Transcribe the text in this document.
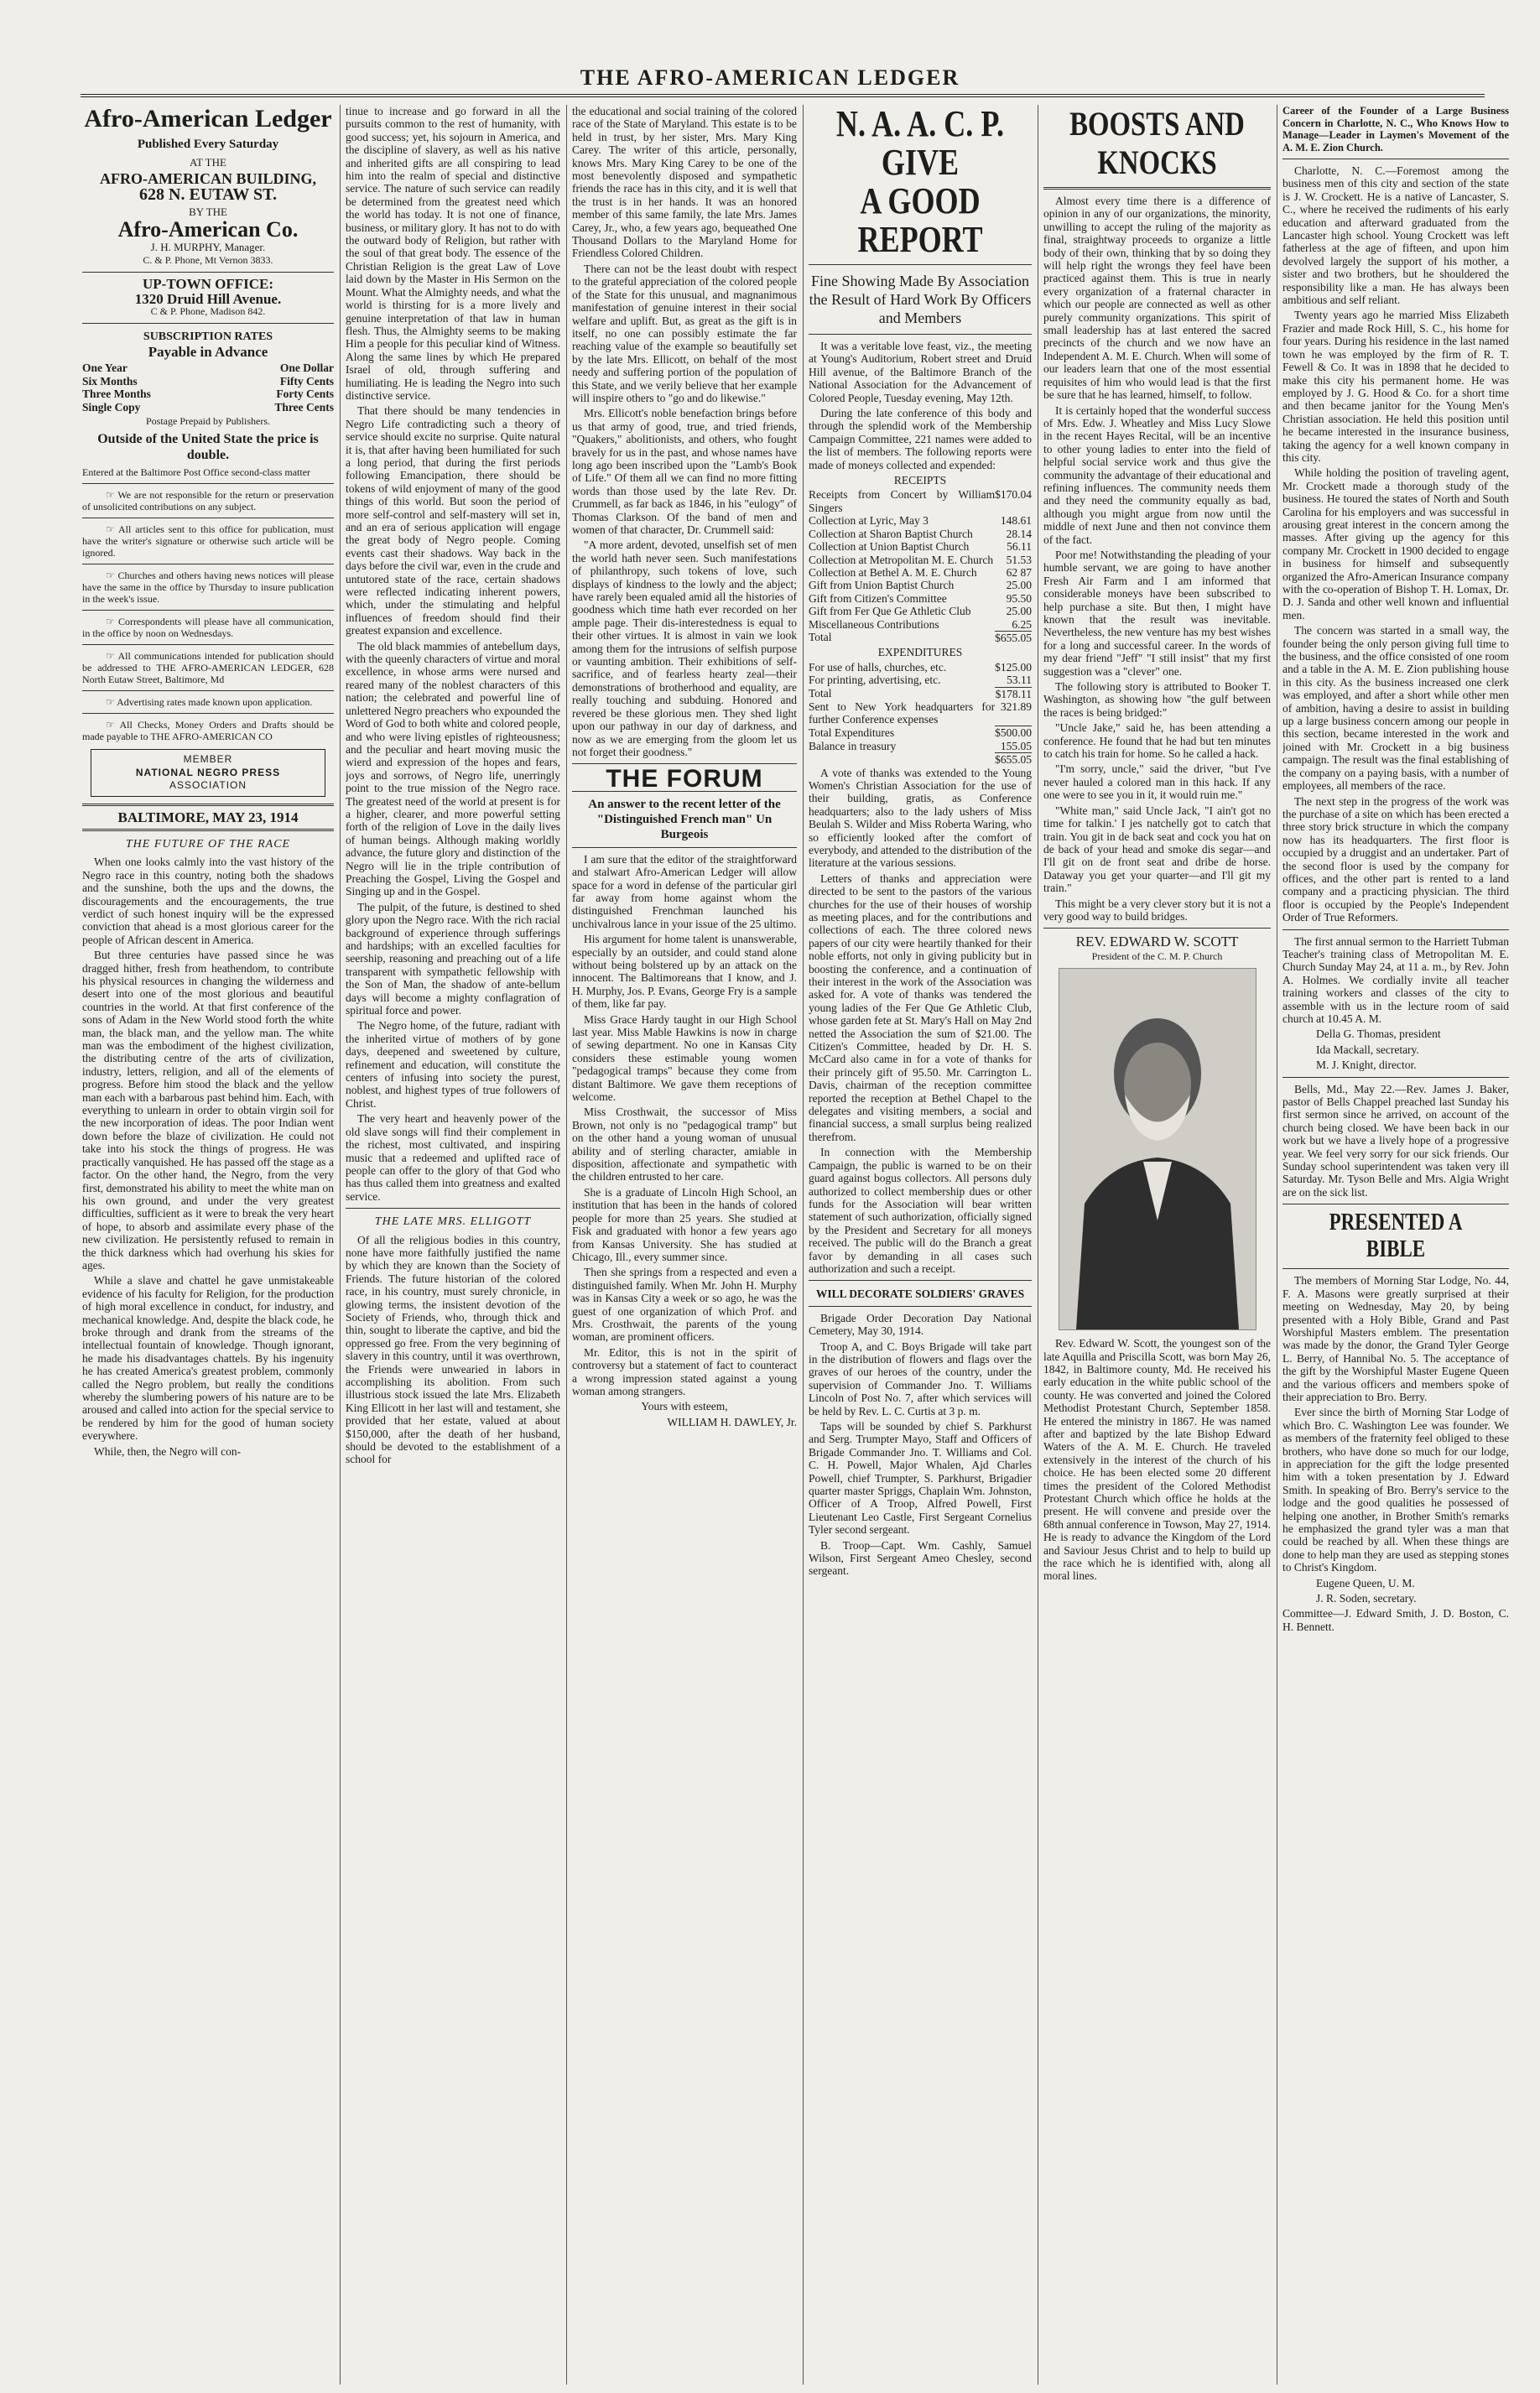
THE AFRO-AMERICAN LEDGER
Afro-American Ledger
Published Every Saturday
AT THE
AFRO-AMERICAN BUILDING,
628 N. EUTAW ST.
BY THE
Afro-American Co.
J. H. MURPHY, Manager.
C. & P. Phone, Mt Vernon 3833.
UP-TOWN OFFICE:
1320 Druid Hill Avenue.
C & P. Phone, Madison 842.
SUBSCRIPTION RATES
Payable in Advance
One Year	One Dollar
Six Months	Fifty Cents
Three Months	Forty Cents
Single Copy	Three Cents
Postage Prepaid by Publishers.
Outside of the United State the price is double.

Entered at the Baltimore Post Office second-class matter

☞ We are not responsible for the return or preservation of unsolicited contributions on any subject.

☞ All articles sent to this office for publication, must have the writer's signature or otherwise such article will be ignored.

☞ Churches and others having news notices will please have the same in the office by Thursday to insure publication in the week's issue.

☞ Correspondents will please have all communication, in the office by noon on Wednesdays.

☞ All communications intended for publication should be addressed to THE AFRO-AMERICAN LEDGER, 628 North Eutaw Street, Baltimore, Md

☞ Advertising rates made known upon application.

☞ All Checks, Money Orders and Drafts should be made payable to THE AFRO-AMERICAN CO

MEMBER
NATIONAL NEGRO PRESS
ASSOCIATION
BALTIMORE, MAY 23, 1914
THE FUTURE OF THE RACE

When one looks calmly into the vast history of the Negro race in this country, noting both the shadows and the sunshine, both the ups and the downs, the discouragements and the encouragements, the true verdict of such honest inquiry will be the expressed conviction that ahead is a most glorious career for the people of African descent in America.

But three centuries have passed since he was dragged hither, fresh from heathendom, to contribute his physical resources in changing the wilderness and desert into one of the most glorious and beautiful countries in the world. At that first conference of the sons of Adam in the New World stood forth the white man, the black man, and the yellow man. The white man was the embodiment of the highest civilization, the distributing centre of the arts of civilization, industry, letters, religion, and all of the elements of progress. Before him stood the black and the yellow man each with a barbarous past behind him. Each, with everything to unlearn in order to obtain virgin soil for the new incorporation of ideas. The poor Indian went down before the blaze of civilization. He could not take into his stock the things of progress. He was practically vanquished. He has passed off the stage as a factor. On the other hand, the Negro, from the very first, demonstrated his ability to meet the white man on his own ground, and under the very greatest difficulties, sufficient as it were to break the very heart of hope, to absorb and assimilate every phase of the new civilization. He persistently refused to remain in the thick darkness which had overhung his skies for ages.

While a slave and chattel he gave unmistakeable evidence of his faculty for Religion, for the production of high moral excellence in conduct, for industry, and mechanical knowledge. And, despite the black code, he broke through and drank from the streams of the intellectual fountain of knowledge. Though ignorant, he made his disadvantages chattels. By his ingenuity he has created America's greatest problem, commonly called the Negro problem, but really the conditions whereby the slumbering powers of his nature are to be aroused and called into action for the special service to be rendered by him for the good of human society everywhere.

While, then, the Negro will con-

tinue to increase and go forward in all the pursuits common to the rest of humanity, with good success; yet, his sojourn in America, and the discipline of slavery, as well as his native and inherited gifts are all conspiring to lead him into the realm of special and distinctive service. The nature of such service can readily be determined from the greatest need which the world has today. It is not one of finance, business, or military glory. It has not to do with the outward body of Religion, but rather with the soul of that great body. The essence of the Christian Religion is the great Law of Love laid down by the Master in His Sermon on the Mount. What the Almighty needs, and what the world is thirsting for is a more lively and genuine interpretation of that law in human flesh. Thus, the Almighty seems to be making Him a people for this peculiar kind of Witness. Along the same lines by which He prepared Israel of old, through suffering and humiliating. He is leading the Negro into such distinctive service.

That there should be many tendencies in Negro Life contradicting such a theory of service should excite no surprise. Quite natural it is, that after having been humiliated for such a long period, that during the first periods following Emancipation, there should be tokens of wild enjoyment of many of the good things of this world. But soon the period of more self-control and self-mastery will set in, and an era of serious application will engage the great body of Negro people. Coming events cast their shadows. Way back in the days before the civil war, even in the crude and untutored state of the race, certain shadows were reflected indicating inherent powers, which, under the stimulating and helpful influences of freedom should find their greatest expansion and excellence.

The old black mammies of antebellum days, with the queenly characters of virtue and moral excellence, in whose arms were nursed and reared many of the noblest characters of this nation; the celebrated and powerful line of unlettered Negro preachers who expounded the Word of God to both white and colored people, and who were living epistles of righteousness; and the peculiar and heart moving music the wierd and expression of the hopes and fears, joys and sorrows, of Negro life, unerringly point to the true mission of the Negro race. The greatest need of the world at present is for a higher, clearer, and more powerful setting forth of the religion of Love in the daily lives of human beings. Although making worldly advance, the future glory and distinction of the Negro will lie in the triple contribution of Preaching the Gospel, Living the Gospel and Singing up and in the Gospel.

The pulpit, of the future, is destined to shed glory upon the Negro race. With the rich racial background of experience through sufferings and hardships; with an excelled faculties for seership, reasoning and preaching out of a life transparent with sympathetic fellowship with the Son of Man, the shadow of ante-bellum days will become a mighty conflagration of spiritual force and power.

The Negro home, of the future, radiant with the inherited virtue of mothers of by gone days, deepened and sweetened by culture, refinement and education, will constitute the centers of infusing into society the purest, noblest, and highest types of true followers of Christ.

The very heart and heavenly power of the old slave songs will find their complement in the richest, most cultivated, and inspiring music that a redeemed and uplifted race of people can offer to the glory of that God who has thus called them into greatness and exalted service.

THE LATE MRS. ELLIGOTT

Of all the religious bodies in this country, none have more faithfully justified the name by which they are known than the Society of Friends. The future historian of the colored race, in his country, must surely chronicle, in glowing terms, the insistent devotion of the Society of Friends, who, through thick and thin, sought to liberate the captive, and bid the oppressed go free. From the very beginning of slavery in this country, until it was overthrown, the Friends were unwearied in labors in accomplishing its abolition. From such illustrious stock issued the late Mrs. Elizabeth King Ellicott in her last will and testament, she provided that her estate, valued at about $150,000, after the death of her husband, should be devoted to the establishment of a school for

the educational and social training of the colored race of the State of Maryland. This estate is to be held in trust, by her sister, Mrs. Mary King Carey. The writer of this article, personally, knows Mrs. Mary King Carey to be one of the most benevolently disposed and sympathetic friends the race has in this city, and it is well that the trust is in her hands. It was an honored member of this same family, the late Mrs. James Carey, Jr., who, a few years ago, bequeathed One Thousand Dollars to the Maryland Home for Friendless Colored Children.

There can not be the least doubt with respect to the grateful appreciation of the colored people of the State for this unusual, and magnanimous manifestation of genuine interest in their social welfare and uplift. But, as great as the gift is in itself, no one can possibly estimate the far reaching value of the example so beautifully set by the late Mrs. Ellicott, on behalf of the most needy and suffering portion of the population of this State, and we verily believe that her example will inspire others to "go and do likewise."

Mrs. Ellicott's noble benefaction brings before us that army of good, true, and tried friends, "Quakers," abolitionists, and others, who fought bravely for us in the past, and whose names have long ago been inscribed upon the "Lamb's Book of Life." Of them all we can find no more fitting words than those used by the late Rev. Dr. Crummell, as far back as 1846, in his "eulogy" of Thomas Clarkson. Of the band of men and women of that character, Dr. Crummell said:

"A more ardent, devoted, unselfish set of men the world hath never seen. Such manifestations of philanthropy, such tokens of love, such displays of kindness to the lowly and the abject; have rarely been equaled amid all the histories of goodness which time hath ever recorded on her ample page. Their dis-interestedness is equal to their other virtues. It is almost in vain we look among them for the intrusions of selfish purpose or vaunting ambition. Their exhibitions of self-sacrifice, and of fearless hearty zeal—their demonstrations of brotherhood and equality, are really touching and subduing. Honored and revered be these glorious men. They shed light upon our pathway in our day of darkness, and now as we are emerging from the gloom let us not forget their goodness."

THE FORUM

An answer to the recent letter of the "Distinguished French man" Un Burgeois

I am sure that the editor of the straightforward and stalwart Afro-American Ledger will allow space for a word in defense of the particular girl far away from home against whom the distinguished Frenchman launched his unchivalrous lance in your issue of the 25 ultimo.

His argument for home talent is unanswerable, especially by an outsider, and could stand alone without being bolstered up by an attack on the innocent. The Baltimoreans that I know, and J. H. Murphy, Jos. P. Evans, George Fry is a sample of them, like far pay.

Miss Grace Hardy taught in our High School last year. Miss Mable Hawkins is now in charge of sewing department. No one in Kansas City considers these estimable young women "pedagogical tramps" because they come from distant Baltimore. We gave them receptions of welcome.

Miss Crosthwait, the successor of Miss Brown, not only is no "pedagogical tramp" but on the other hand a young woman of unusual ability and of sterling character, amiable in disposition, affectionate and sympathetic with the children entrusted to her care.

She is a graduate of Lincoln High School, an institution that has been in the hands of colored people for more than 25 years. She studied at Fisk and graduated with honor a few years ago from Kansas University. She has studied at Chicago, Ill., every summer since.

Then she springs from a respected and even a distinguished family. When Mr. John H. Murphy was in Kansas City a week or so ago, he was the guest of one organization of which Prof. and Mrs. Crosthwait, the parents of the young woman, are prominent officers.

Mr. Editor, this is not in the spirit of controversy but a statement of fact to counteract a wrong impression stated against a young woman among strangers.

Yours with esteem,

WILLIAM H. DAWLEY, Jr.

N. A. A. C. P. GIVE
A GOOD REPORT
Fine Showing Made By Association the Result of Hard Work By Officers and Members

It was a veritable love feast, viz., the meeting at Young's Auditorium, Robert street and Druid Hill avenue, of the Baltimore Branch of the National Association for the Advancement of Colored People, Tuesday evening, May 12th.

During the late conference of this body and through the splendid work of the Membership Campaign Committee, 221 names were added to the list of members. The following reports were made of moneys collected and expended:

RECEIPTS
Receipts from Concert by William Singers	$170.04
Collection at Lyric, May 3	148.61
Collection at Sharon Baptist Church	28.14
Collection at Union Baptist Church	56.11
Collection at Metropolitan M. E. Church	51.53
Collection at Bethel A. M. E. Church	62 87
Gift from Union Baptist Church	25.00
Gift from Citizen's Committee	95.50
Gift from Fer Que Ge Athletic Club	25.00
Miscellaneous Contributions	6.25
Total	$655.05
EXPENDITURES
For use of halls, churches, etc.	$125.00
For printing, advertising, etc.	53.11
Total	$178.11
Sent to New York headquarters for further Conference expenses	321.89
Total Expenditures	$500.00
Balance in treasury	155.05
	$655.05

A vote of thanks was extended to the Young Women's Christian Association for the use of their building, gratis, as Conference headquarters; also to the lady ushers of Miss Beulah S. Wilder and Miss Roberta Waring, who so efficiently looked after the comfort of everybody, and attended to the distribution of the literature at the various sessions.

Letters of thanks and appreciation were directed to be sent to the pastors of the various churches for the use of their houses of worship as meeting places, and for the contributions and collections of each. The three colored news papers of our city were heartily thanked for their noble efforts, not only in giving publicity but in boosting the conference, and a continuation of their interest in the work of the Association was asked for. A vote of thanks was tendered the young ladies of the Fer Que Ge Athletic Club, whose garden fete at St. Mary's Hall on May 2nd netted the Association the sum of $21.00. The Citizen's Committee, headed by Dr. H. S. McCard also came in for a vote of thanks for their princely gift of 95.50. Mr. Carrington L. Davis, chairman of the reception committee reported the reception at Bethel Chapel to the delegates and visiting members, a social and financial success, a small surplus being realized therefrom.

In connection with the Membership Campaign, the public is warned to be on their guard against bogus collectors. All persons duly authorized to collect membership dues or other funds for the Association will bear written statement of such authorization, officially signed by the President and Secretary for all moneys received. The public will do the Branch a great favor by demanding in all cases such authorization and such a receipt.

WILL DECORATE SOLDIERS' GRAVES

Brigade Order Decoration Day National Cemetery, May 30, 1914.

Troop A, and C. Boys Brigade will take part in the distribution of flowers and flags over the graves of our heroes of the country, under the supervision of Commander Jno. T. Williams Lincoln of Post No. 7, after which services will be held by Rev. L. C. Curtis at 3 p. m.

Taps will be sounded by chief S. Parkhurst and Serg. Trumpter Mayo, Staff and Officers of Brigade Commander Jno. T. Williams and Col. C. H. Powell, Major Whalen, Ajd Charles Powell, chief Trumpter, S. Parkhurst, Brigadier quarter master Spriggs, Chaplain Wm. Johnston, Officer of A Troop, Alfred Powell, First Lieutenant Leo Castle, First Sergeant Cornelius Tyler second sergeant.

B. Troop—Capt. Wm. Cashly, Samuel Wilson, First Sergeant Ameo Chesley, second sergeant.

BOOSTS AND KNOCKS

Almost every time there is a difference of opinion in any of our organizations, the minority, unwilling to accept the ruling of the majority as final, straightway proceeds to organize a little body of their own, thinking that by so doing they will help right the wrongs they feel have been practiced against them. This is true in nearly every organization of a fraternal character in which our people are connected as well as other purely community organizations. This spirit of small leadership has at last entered the sacred precincts of the church and we now have an Independent A. M. E. Church. When will some of our leaders learn that one of the most essential requisites of him who would lead is that the first be sure that he has learned, himself, to follow.

It is certainly hoped that the wonderful success of Mrs. Edw. J. Wheatley and Miss Lucy Slowe in the recent Hayes Recital, will be an incentive to other young ladies to enter into the field of helpful social service work and thus give the community the advantage of their educational and refining influences. The community needs them and they need the community equally as bad, although you might argue from now until the middle of next June and then not convince them of the fact.

Poor me! Notwithstanding the pleading of your humble servant, we are going to have another Fresh Air Farm and I am informed that considerable moneys have been subscribed to help purchase a site. But then, I might have known that the result was inevitable. Nevertheless, the new venture has my best wishes for a long and successful career. In the words of my dear friend "Jeff" "I still insist" that my first suggestion was a "clever" one.

The following story is attributed to Booker T. Washington, as showing how "the gulf between the races is being bridged:"

"Uncle Jake," said he, has been attending a conference. He found that he had but ten minutes to catch his train for home. So he called a hack.

"I'm sorry, uncle," said the driver, "but I've never hauled a colored man in this hack. If any one were to see you in it, it would ruin me."

"White man," said Uncle Jack, "I ain't got no time for talkin.' I jes natchelly got to catch that train. You git in de back seat and cock you hat on de back of your head and smoke dis segar—and I'll git on de front seat and dribe de horse. Dataway you get your quarter—and I'll git my train."

This might be a very clever story but it is not a very good way to build bridges.

REV. EDWARD W. SCOTT
President of the C. M. P. Church

Rev. Edward W. Scott, the youngest son of the late Aquilla and Priscilla Scott, was born May 26, 1842, in Baltimore county, Md. He received his early education in the white public school of the county. He was converted and joined the Colored Methodist Protestant Church, September 1858. He entered the ministry in 1867. He was named after and baptized by the late Bishop Edward Waters of the A. M. E. Church. He traveled extensively in the interest of the church of his choice. He has been elected some 20 different times the president of the Colored Methodist Protestant Church which office he holds at the present. He will convene and preside over the 68th annual conference in Towson, May 27, 1914. He is ready to advance the Kingdom of the Lord and Saviour Jesus Christ and to help to build up the race which he is identified with, along all moral lines.

Career of the Founder of a Large Business Concern in Charlotte, N. C., Who Knows How to Manage—Leader in Laymen's Movement of the A. M. E. Zion Church.

Charlotte, N. C.—Foremost among the business men of this city and section of the state is J. W. Crockett. He is a native of Lancaster, S. C., where he received the rudiments of his early education and afterward graduated from the Lancaster high school. Young Crockett was left fatherless at the age of fifteen, and upon him devolved largely the support of his mother, a sister and two brothers, but he shouldered the responsibility like a man. He has always been ambitious and self reliant.

Twenty years ago he married Miss Elizabeth Frazier and made Rock Hill, S. C., his home for four years. During his residence in the last named town he was employed by the firm of R. T. Fewell & Co. It was in 1898 that he decided to make this city his permanent home. He was employed by J. G. Hood & Co. for a short time and then became janitor for the Young Men's Christian association. He held this position until he became interested in the insurance business, taking the agency for a well known company in this city.

While holding the position of traveling agent, Mr. Crockett made a thorough study of the business. He toured the states of North and South Carolina for his employers and was successful in arousing great interest in the concern among the masses. After giving up the agency for this company Mr. Crockett in 1900 decided to engage in business for himself and subsequently organized the Afro-American Insurance company with the co-operation of Bishop T. H. Lomax, Dr. D. J. Sanda and other well known and influential men.

The concern was started in a small way, the founder being the only person giving full time to the business, and the office consisted of one room and a table in the A. M. E. Zion publishing house in this city. As the business increased one clerk was employed, and after a short while other men of ambition, having a desire to assist in building up a large business concern among our people in this section, became interested in the work and joined with Mr. Crockett in a big business campaign. The result was the final establishing of the company on a paying basis, with a number of employees, all members of the race.

The next step in the progress of the work was the purchase of a site on which has been erected a three story brick structure in which the company now has its headquarters. The first floor is occupied by a druggist and an undertaker. Part of the second floor is used by the company for offices, and the other part is rented to a land company and a practicing physician. The third floor is occupied by the People's Independent Order of True Reformers.

The first annual sermon to the Harriett Tubman Teacher's training class of Metropolitan M. E. Church Sunday May 24, at 11 a. m., by Rev. John A. Holmes. We cordially invite all teacher training workers and classes of the city to assemble with us in the lecture room of said church at 10.45 A. M.

Della G. Thomas, president

Ida Mackall, secretary.

M. J. Knight, director.

Bells, Md., May 22.—Rev. James J. Baker, pastor of Bells Chappel preached last Sunday his first sermon since he arrived, on account of the church being closed. We have been back in our work but we have a lively hope of a progressive year. We feel very sorry for our sick friends. Our Sunday school superintendent was taken very ill Saturday. Mr. Tyson Belle and Mrs. Algia Wright are on the sick list.

PRESENTED A BIBLE

The members of Morning Star Lodge, No. 44, F. A. Masons were greatly surprised at their meeting on Wednesday, May 20, by being presented with a Holy Bible, Grand and Past Worshipful Masters emblem. The presentation was made by the donor, the Grand Tyler George L. Berry, of Hannibal No. 5. The acceptance of the gift by the Worshipful Master Eugene Queen and the various officers and members spoke of their appreciation to Bro. Berry.

Ever since the birth of Morning Star Lodge of which Bro. C. Washington Lee was founder. We as members of the fraternity feel obliged to these brothers, who have done so much for our lodge, in appreciation for the gift the lodge presented him with a token presentation by J. Edward Smith. In speaking of Bro. Berry's service to the lodge and the good qualities he possessed of helping one another, in Brother Smith's remarks he emphasized the grand tyler was a man that could be reached by all. When these things are done to help man they are used as stepping stones to Christ's Kingdom.

Eugene Queen, U. M.

J. R. Soden, secretary.

Committee—J. Edward Smith, J. D. Boston, C. H. Bennett.
